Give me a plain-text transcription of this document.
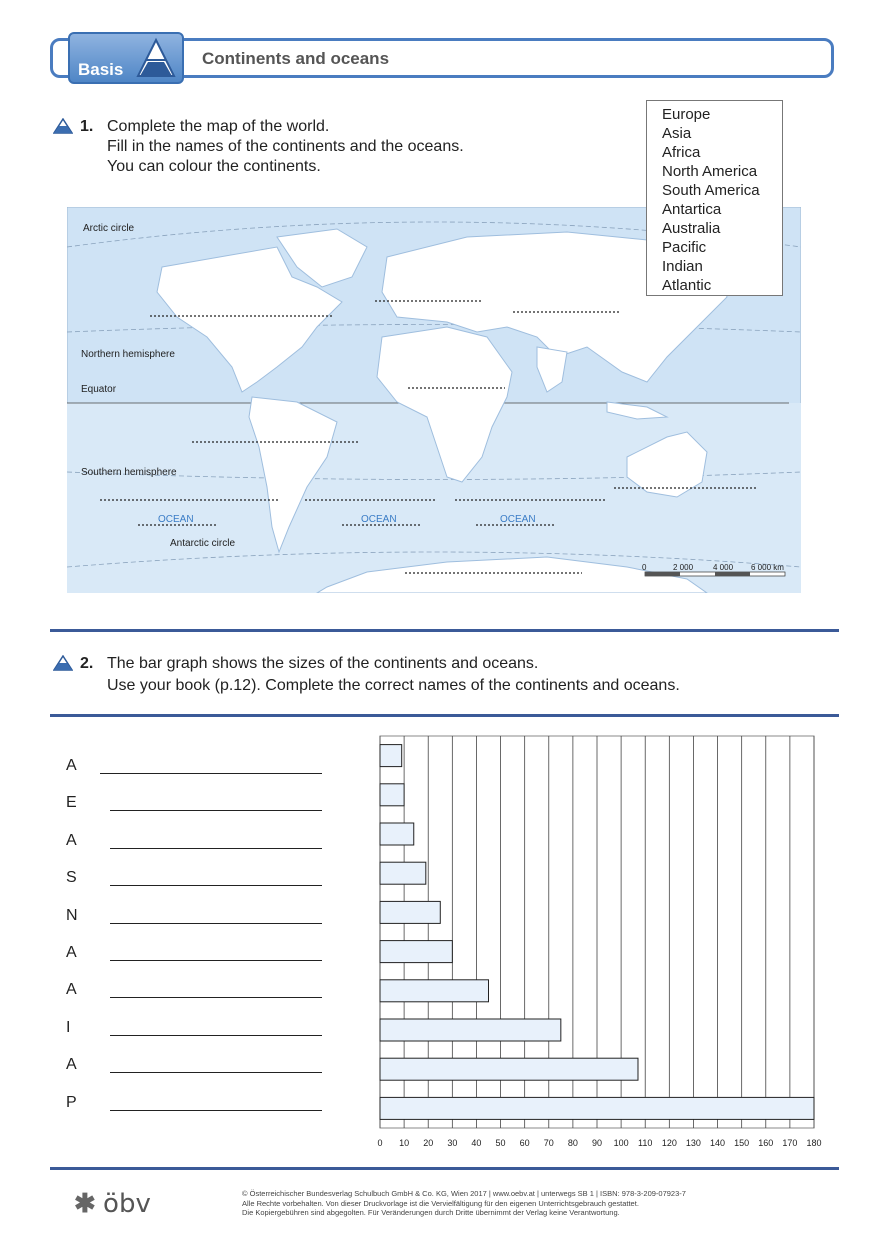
Basis
Continents and oceans
1. Complete the map of the world.
Fill in the names of the continents and the oceans.
You can colour the continents.
Arctic circle
Northern hemisphere
Equator
Southern hemisphere
Antarctic circle
OCEAN	OCEAN	OCEAN
0	2 000 4 000 6 000 km
Europe
Asia
Africa
North America
South America
Antartica
Australia
Pacific
Indian
Atlantic
2. The bar graph shows the sizes of the continents and oceans.
Use your book (p.12). Complete the correct names of the continents and oceans.
A
E
A
S
N
A
A
I
A
P
0 10 20 30 40 50 60 70 80 90 100 110 120 130 140 150 160 170 180
✱ öbv	© Österreichischer Bundesverlag Schulbuch GmbH & Co. KG, Wien 2017 | www.oebv.at | unterwegs SB 1 | ISBN: 978-3-209-07923-7
Alle Rechte vorbehalten. Von dieser Druckvorlage ist die Vervielfältigung für den eigenen Unterrichtsgebrauch gestattet.
Die Kopiergebühren sind abgegolten. Für Veränderungen durch Dritte übernimmt der Verlag keine Verantwortung.
